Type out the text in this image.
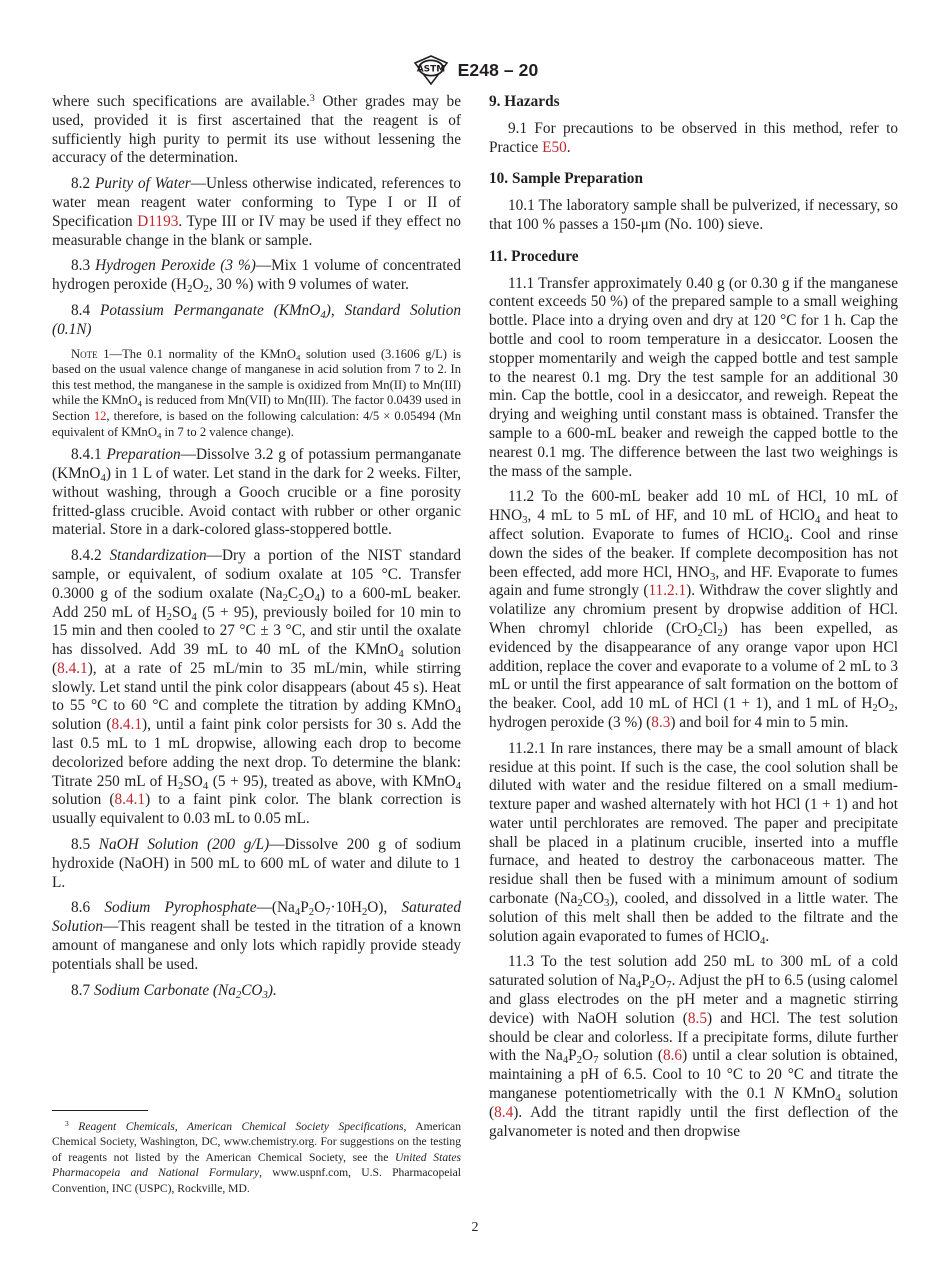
ASTM E248 – 20

where such specifications are available.$^3$ Other grades may be used, provided it is first ascertained that the reagent is of sufficiently high purity to permit its use without lessening the accuracy of the determination.

8.2 Purity of Water—Unless otherwise indicated, references to water mean reagent water conforming to Type I or II of Specification D1193. Type III or IV may be used if they effect no measurable change in the blank or sample.

8.3 Hydrogen Peroxide (3 %)—Mix 1 volume of concentrated hydrogen peroxide ($H_2O_2$, 30 %) with 9 volumes of water.

8.4 Potassium Permanganate (KMnO$_4$), Standard Solution (0.1N)

Note 1—The 0.1 normality of the KMnO$_4$ solution used (3.1606 g/L) is based on the usual valence change of manganese in acid solution from 7 to 2. In this test method, the manganese in the sample is oxidized from Mn(II) to Mn(III) while the KMnO$_4$ is reduced from Mn(VII) to Mn(III). The factor 0.0439 used in Section 12, therefore, is based on the following calculation: 4/5 × 0.05494 (Mn equivalent of KMnO$_4$ in 7 to 2 valence change).

8.4.1 Preparation—Dissolve 3.2 g of potassium permanganate (KMnO$_4$) in 1 L of water. Let stand in the dark for 2 weeks. Filter, without washing, through a Gooch crucible or a fine porosity fritted-glass crucible. Avoid contact with rubber or other organic material. Store in a dark-colored glass-stoppered bottle.

8.4.2 Standardization—Dry a portion of the NIST standard sample, or equivalent, of sodium oxalate at 105 °C. Transfer 0.3000 g of the sodium oxalate $(Na_2C_2O_4)$ to a 600-mL beaker. Add 250 mL of $H_2SO_4$ (5 + 95), previously boiled for 10 min to 15 min and then cooled to 27 °C ± 3 °C, and stir until the oxalate has dissolved. Add 39 mL to 40 mL of the KMnO$_4$ solution (8.4.1), at a rate of 25 mL/min to 35 mL/min, while stirring slowly. Let stand until the pink color disappears (about 45 s). Heat to 55 °C to 60 °C and complete the titration by adding KMnO$_4$ solution (8.4.1), until a faint pink color persists for 30 s. Add the last 0.5 mL to 1 mL dropwise, allowing each drop to become decolorized before adding the next drop. To determine the blank: Titrate 250 mL of $H_2SO_4$ (5 + 95), treated as above, with KMnO$_4$ solution (8.4.1) to a faint pink color. The blank correction is usually equivalent to 0.03 mL to 0.05 mL.

8.5 NaOH Solution (200 g/L)—Dissolve 200 g of sodium hydroxide (NaOH) in 500 mL to 600 mL of water and dilute to 1 L.

8.6 Sodium $Pyrophosphate—(Na_4P_2O_7\cdot 10H_2O)$, Saturated Solution—This reagent shall be tested in the titration of a known amount of manganese and only lots which rapidly provide steady potentials shall be used.

8.7 Sodium Carbonate $(Na_2CO_3)$.

9. Hazards

9.1 For precautions to be observed in this method, refer to Practice E50.

10. Sample Preparation

10.1 The laboratory sample shall be pulverized, if necessary, so that 100 % passes a 150-μm (No. 100) sieve.

11. Procedure

11.1 Transfer approximately 0.40 g (or 0.30 g if the manganese content exceeds 50 %) of the prepared sample to a small weighing bottle. Place into a drying oven and dry at 120 °C for 1 h. Cap the bottle and cool to room temperature in a desiccator. Loosen the stopper momentarily and weigh the capped bottle and test sample to the nearest 0.1 mg. Dry the test sample for an additional 30 min. Cap the bottle, cool in a desiccator, and reweigh. Repeat the drying and weighing until constant mass is obtained. Transfer the sample to a 600-mL beaker and reweigh the capped bottle to the nearest 0.1 mg. The difference between the last two weighings is the mass of the sample.

11.2 To the 600-mL beaker add 10 mL of HCl, 10 mL of $HNO_3$, 4 mL to 5 mL of HF, and 10 mL of HClO$_4$ and heat to affect solution. Evaporate to fumes of HClO$_4$. Cool and rinse down the sides of the beaker. If complete decomposition has not been effected, add more HCl, $HNO_3$, and HF. Evaporate to fumes again and fume strongly (11.2.1). Withdraw the cover slightly and volatilize any chromium present by dropwise addition of HCl. When chromyl chloride $(CrO_2Cl_2)$ has been expelled, as evidenced by the disappearance of any orange vapor upon HCl addition, replace the cover and evaporate to a volume of 2 mL to 3 mL or until the first appearance of salt formation on the bottom of the beaker. Cool, add 10 mL of HCl (1 + 1), and 1 mL of $H_2O_2$, hydrogen peroxide (3 %) (8.3) and boil for 4 min to 5 min.

11.2.1 In rare instances, there may be a small amount of black residue at this point. If such is the case, the cool solution shall be diluted with water and the residue filtered on a small medium-texture paper and washed alternately with hot HCl (1 + 1) and hot water until perchlorates are removed. The paper and precipitate shall be placed in a platinum crucible, inserted into a muffle furnace, and heated to destroy the carbonaceous matter. The residue shall then be fused with a minimum amount of sodium carbonate $(Na_2CO_3)$, cooled, and dissolved in a little water. The solution of this melt shall then be added to the filtrate and the solution again evaporated to fumes of HClO$_4$.

11.3 To the test solution add 250 mL to 300 mL of a cold saturated solution of $Na_4P_2O_7$. Adjust the pH to 6.5 (using calomel and glass electrodes on the pH meter and a magnetic stirring device) with NaOH solution (8.5) and HCl. The test solution should be clear and colorless. If a precipitate forms, dilute further with the $Na_4P_2O_7$ solution (8.6) until a clear solution is obtained, maintaining a pH of 6.5. Cool to 10 °C to 20 °C and titrate the manganese potentiometrically with the 0.1 N KMnO$_4$ solution (8.4). Add the titrant rapidly until the first deflection of the galvanometer is noted and then dropwise

$^3$ Reagent Chemicals, American Chemical Society Specifications, American Chemical Society, Washington, DC, www.chemistry.org. For suggestions on the testing of reagents not listed by the American Chemical Society, see the United States Pharmacopeia and National Formulary, www.uspnf.com, U.S. Pharmacopeial Convention, INC (USPC), Rockville, MD.
2
